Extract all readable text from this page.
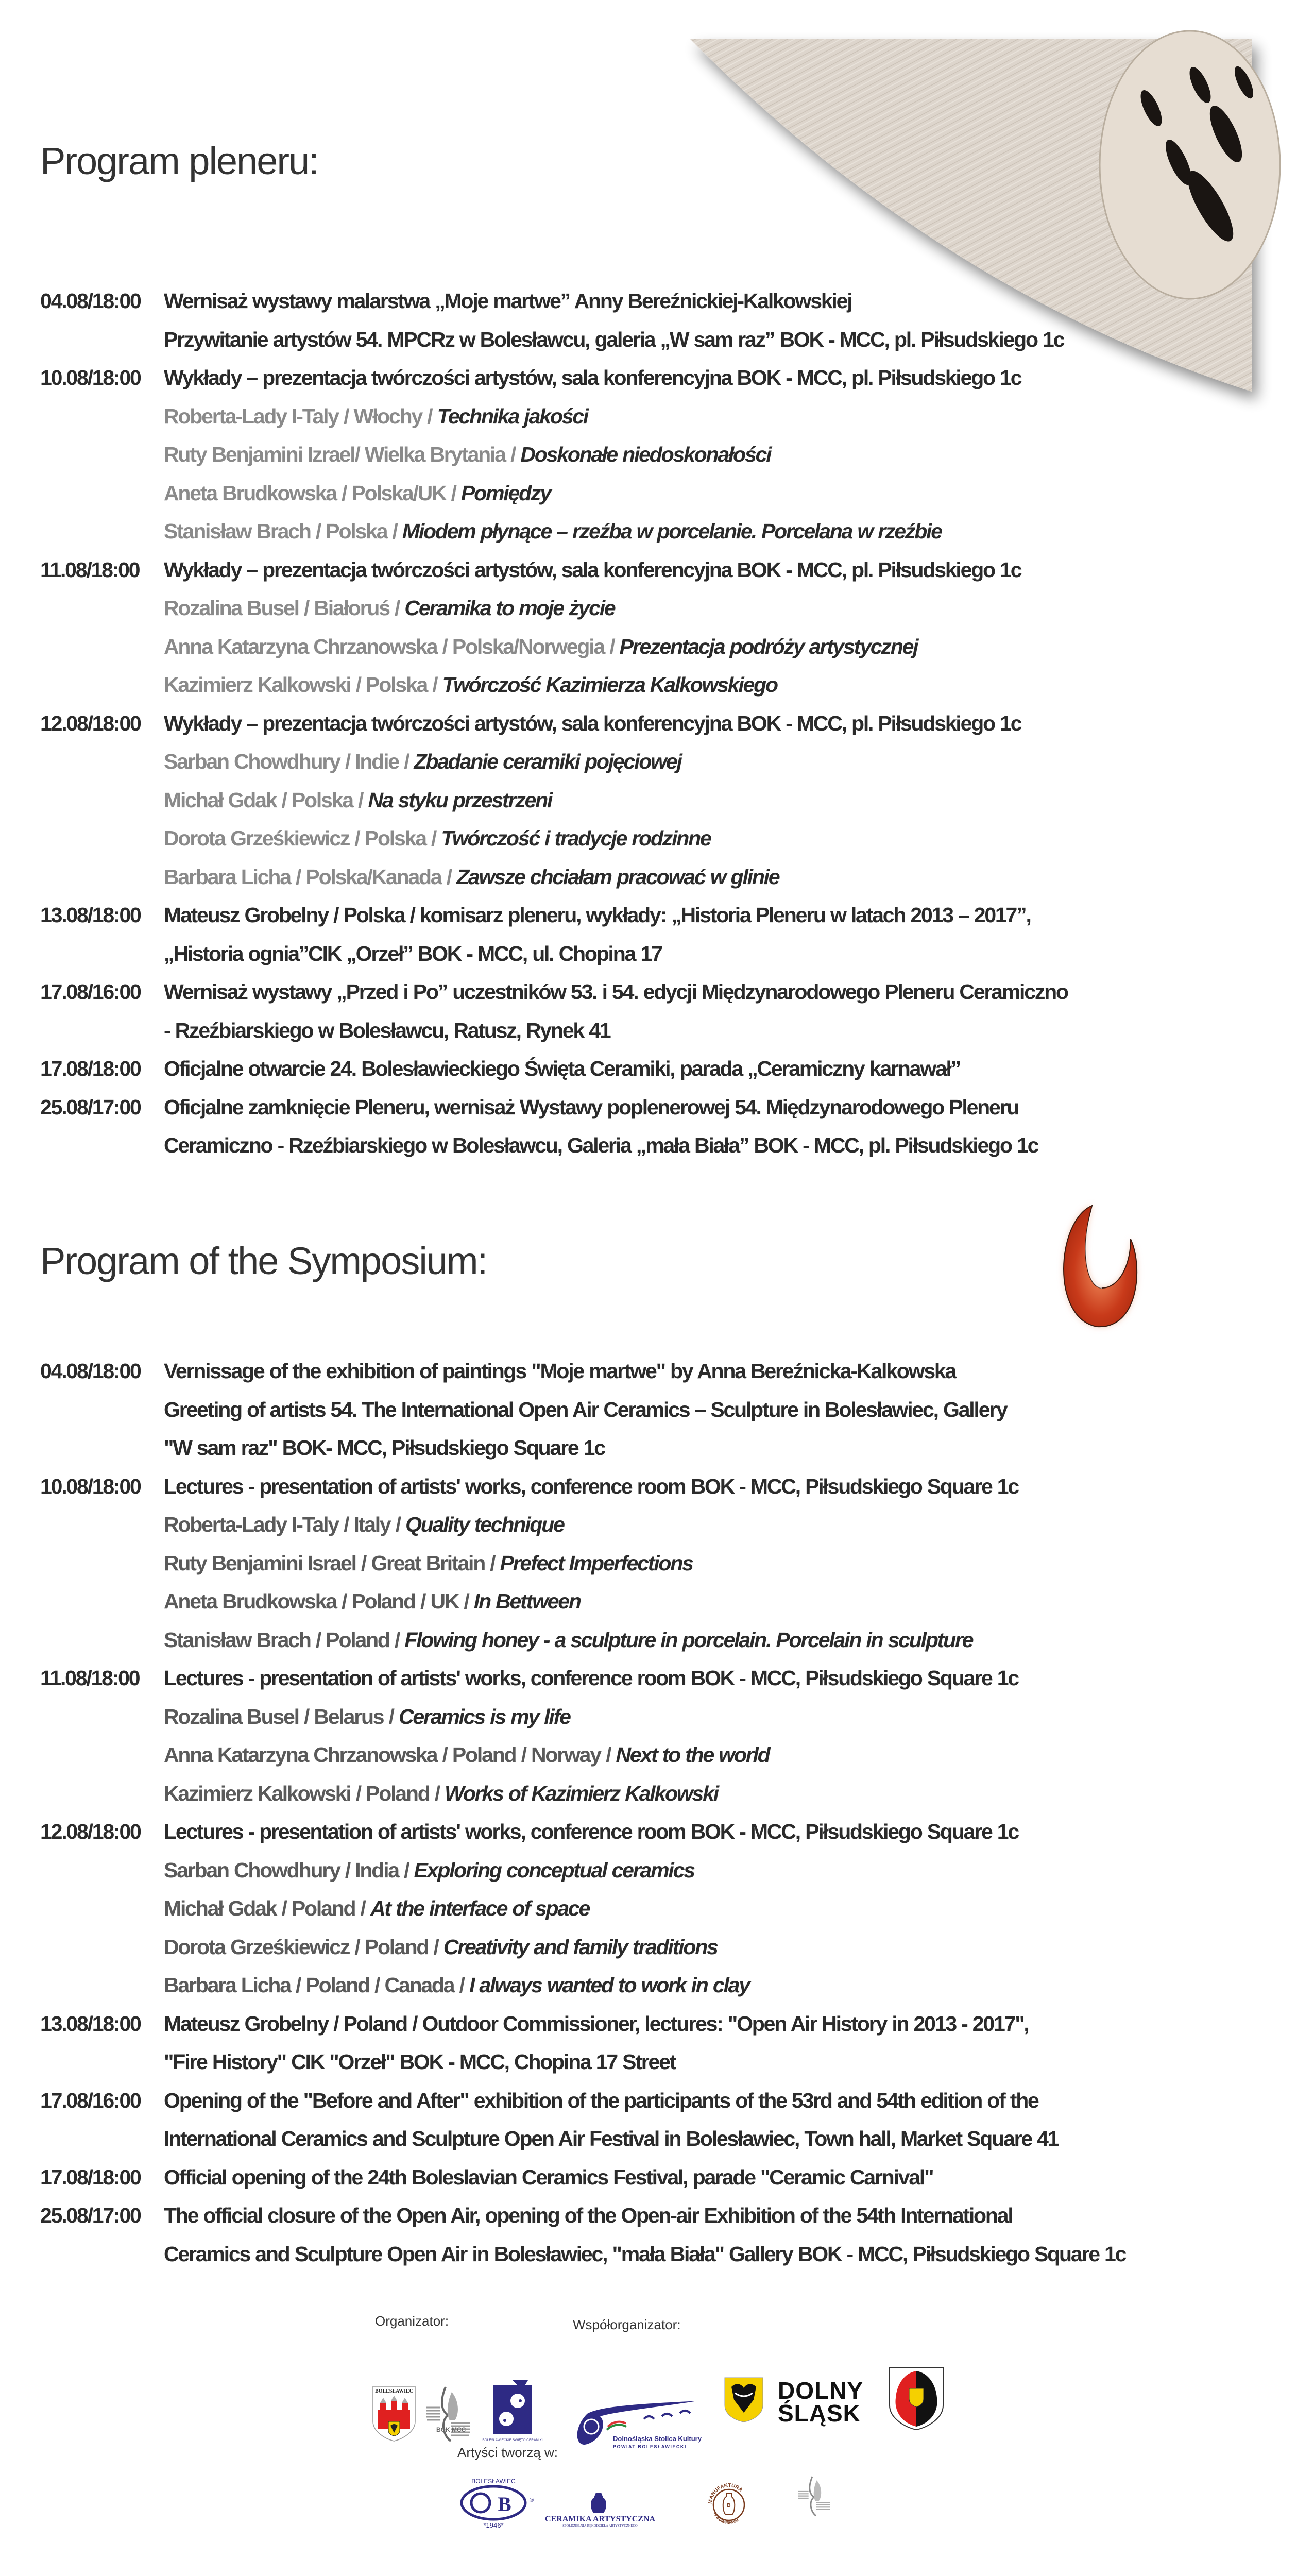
Program pleneru:
04.08/18:00 Wernisaż wystawy malarstwa „Moje martwe” Anny Bereźnickiej-Kalkowskiej
Przywitanie artystów 54. MPCRz w Bolesławcu, galeria „W sam raz” BOK - MCC, pl. Piłsudskiego 1c
10.08/18:00 Wykłady – prezentacja twórczości artystów, sala konferencyjna BOK - MCC, pl. Piłsudskiego 1c
Roberta-Lady I-Taly / Włochy / Technika jakości
Ruty Benjamini Izrael/ Wielka Brytania / Doskonałe niedoskonałości
Aneta Brudkowska / Polska/UK / Pomiędzy
Stanisław Brach / Polska / Miodem płynące – rzeźba w porcelanie. Porcelana w rzeźbie
11.08/18:00 Wykłady – prezentacja twórczości artystów, sala konferencyjna BOK - MCC, pl. Piłsudskiego 1c
Rozalina Busel / Białoruś / Ceramika to moje życie
Anna Katarzyna Chrzanowska / Polska/Norwegia / Prezentacja podróży artystycznej
Kazimierz Kalkowski / Polska / Twórczość Kazimierza Kalkowskiego
12.08/18:00 Wykłady – prezentacja twórczości artystów, sala konferencyjna BOK - MCC, pl. Piłsudskiego 1c
Sarban Chowdhury / Indie / Zbadanie ceramiki pojęciowej
Michał Gdak / Polska / Na styku przestrzeni
Dorota Grześkiewicz / Polska / Twórczość i tradycje rodzinne
Barbara Licha / Polska/Kanada / Zawsze chciałam pracować w glinie
13.08/18:00 Mateusz Grobelny / Polska / komisarz pleneru, wykłady: „Historia Pleneru w latach 2013 – 2017”,
„Historia ognia”CIK „Orzeł” BOK - MCC, ul. Chopina 17
17.08/16:00 Wernisaż wystawy „Przed i Po” uczestników 53. i 54. edycji Międzynarodowego Pleneru Ceramiczno
- Rzeźbiarskiego w Bolesławcu, Ratusz, Rynek 41
17.08/18:00 Oficjalne otwarcie 24. Bolesławieckiego Święta Ceramiki, parada „Ceramiczny karnawał”
25.08/17:00 Oficjalne zamknięcie Pleneru, wernisaż Wystawy poplenerowej 54. Międzynarodowego Pleneru
Ceramiczno - Rzeźbiarskiego w Bolesławcu, Galeria „mała Biała” BOK - MCC, pl. Piłsudskiego 1c
Program of the Symposium:
04.08/18:00 Vernissage of the exhibition of paintings "Moje martwe" by Anna Bereźnicka-Kalkowska
Greeting of artists 54. The International Open Air Ceramics – Sculpture in Bolesławiec, Gallery
"W sam raz" BOK- MCC, Piłsudskiego Square 1c
10.08/18:00 Lectures - presentation of artists' works, conference room BOK - MCC, Piłsudskiego Square 1c
Roberta-Lady I-Taly / Italy / Quality technique
Ruty Benjamini Israel / Great Britain / Prefect Imperfections
Aneta Brudkowska / Poland / UK / In Bettween
Stanisław Brach / Poland / Flowing honey - a sculpture in porcelain. Porcelain in sculpture
11.08/18:00 Lectures - presentation of artists' works, conference room BOK - MCC, Piłsudskiego Square 1c
Rozalina Busel / Belarus / Ceramics is my life
Anna Katarzyna Chrzanowska / Poland / Norway / Next to the world
Kazimierz Kalkowski / Poland / Works of Kazimierz Kalkowski
12.08/18:00 Lectures - presentation of artists' works, conference room BOK - MCC, Piłsudskiego Square 1c
Sarban Chowdhury / India / Exploring conceptual ceramics
Michał Gdak / Poland / At the interface of space
Dorota Grześkiewicz / Poland / Creativity and family traditions
Barbara Licha / Poland / Canada / I always wanted to work in clay
13.08/18:00 Mateusz Grobelny / Poland / Outdoor Commissioner, lectures: "Open Air History in 2013 - 2017",
"Fire History" CIK "Orzeł" BOK - MCC, Chopina 17 Street
17.08/16:00 Opening of the "Before and After" exhibition of the participants of the 53rd and 54th edition of the
International Ceramics and Sculpture Open Air Festival in Bolesławiec, Town hall, Market Square 41
17.08/18:00 Official opening of the 24th Boleslavian Ceramics Festival, parade "Ceramic Carnival"
25.08/17:00 The official closure of the Open Air, opening of the Open-air Exhibition of the 54th International
Ceramics and Sculpture Open Air in Bolesławiec, "mała Biała" Gallery BOK - MCC, Piłsudskiego Square 1c
Organizator:	Współorganizator:
Artyści tworzą w:
BOLESŁAWIEC
BOK MCC
BOLESŁAWIECKIE ŚWIĘTO CERAMIKI	Dolnośląska Stolica Kultury
POWIAT BOLESŁAWIECKI
DOLNY
ŚLĄSK
BOLESŁAWIEC
B	®
*1946*
CERAMIKA ARTYSTYCZNA
SPÓŁDZIELNIA RĘKODZIEŁA ARTYSTYCZNEGO
MANUFAKTURA
w Bolesławcu
B
